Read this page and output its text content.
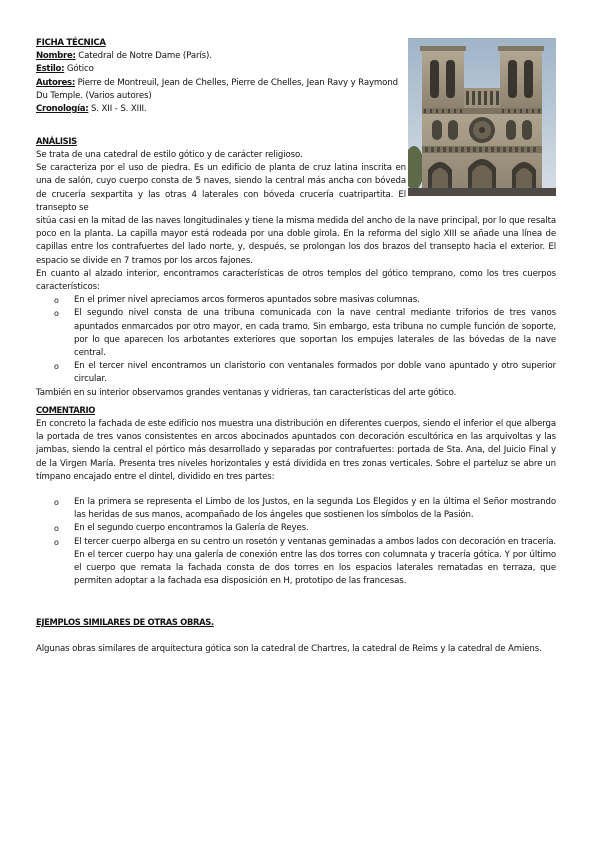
FICHA TÉCNICA
Nombre: Catedral de Notre Dame (París).
Estilo: Gótico
Autores: Pierre de Montreuil, Jean de Chelles, Pierre de Chelles, Jean Ravy y Raymond Du Temple. (Varios autores)
Cronología: S. XII - S. XIII.
ANÁLISIS

Se trata de una catedral de estilo gótico y de carácter religioso.

Se caracteriza por el uso de piedra. Es un edificio de planta de cruz latina inscrita en una de salón, cuyo cuerpo consta de 5 naves, siendo la central más ancha con bóveda de crucería sexpartita y las otras 4 laterales con bóveda crucería cuatripartita. El transepto se

sitúa casi en la mitad de las naves longitudinales y tiene la misma medida del ancho de la nave principal, por lo que resalta poco en la planta. La capilla mayor está rodeada por una doble girola. En la reforma del siglo XIII se añade una línea de capillas entre los contrafuertes del lado norte, y, después, se prolongan los dos brazos del transepto hacia el exterior. El espacio se divide en 7 tramos por los arcos fajones.

En cuanto al alzado interior, encontramos características de otros templos del gótico temprano, como los tres cuerpos característicos:

o En el primer nivel apreciamos arcos formeros apuntados sobre masivas columnas.
o El segundo nivel consta de una tribuna comunicada con la nave central mediante triforios de tres vanos apuntados enmarcados por otro mayor, en cada tramo. Sin embargo, esta tribuna no cumple función de soporte, por lo que aparecen los arbotantes exteriores que soportan los empujes laterales de las bóvedas de la nave central.
o En el tercer nivel encontramos un claristorio con ventanales formados por doble vano apuntado y otro superior circular.

También en su interior observamos grandes ventanas y vidrieras, tan características del arte gótico.

COMENTARIO

En concreto la fachada de este edificio nos muestra una distribución en diferentes cuerpos, siendo el inferior el que alberga la portada de tres vanos consistentes en arcos abocinados apuntados con decoración escultórica en las arquivoltas y las jambas, siendo la central el pórtico más desarrollado y separadas por contrafuertes: portada de Sta. Ana, del Juicio Final y de la Virgen María. Presenta tres niveles horizontales y está dividida en tres zonas verticales. Sobre el parteluz se abre un tímpano encajado entre el dintel, dividido en tres partes:

o En la primera se representa el Limbo de los Justos, en la segunda Los Elegidos y en la última el Señor mostrando las heridas de sus manos, acompañado de los ángeles que sostienen los símbolos de la Pasión.
o En el segundo cuerpo encontramos la Galería de Reyes.
o El tercer cuerpo alberga en su centro un rosetón y ventanas geminadas a ambos lados con decoración en tracería. En el tercer cuerpo hay una galería de conexión entre las dos torres con columnata y tracería gótica. Y por último el cuerpo que remata la fachada consta de dos torres en los espacios laterales rematadas en terraza, que permiten adoptar a la fachada esa disposición en H, prototipo de las francesas.
EJEMPLOS SIMILARES DE OTRAS OBRAS.

Algunas obras similares de arquitectura gótica son la catedral de Chartres, la catedral de Reims y la catedral de Amiens.
